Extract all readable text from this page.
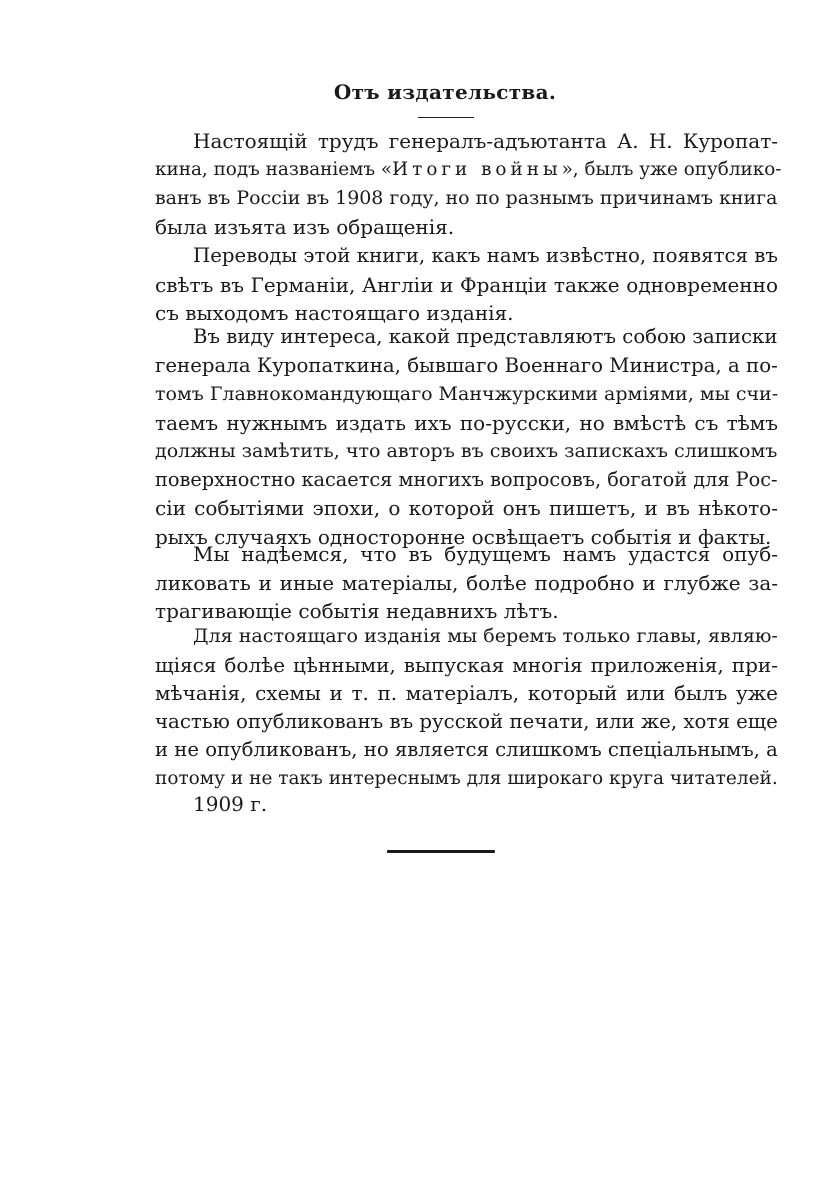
Отъ издательства.
Настоящій трудъ генералъ-адъютанта А. Н. Куропат-
кина, подъ названіемъ «Итоги войны», былъ уже опублико-
ванъ въ Россіи въ 1908 году, но по разнымъ причинамъ книга
была изъята изъ обращенія.
Переводы этой книги, какъ намъ извѣстно, появятся въ
свѣтъ въ Германіи, Англіи и Франціи также одновременно
съ выходомъ настоящаго изданія.
Въ виду интереса, какой представляютъ собою записки
генерала Куропаткина, бывшаго Военнаго Министра, а по-
томъ Главнокомандующаго Манчжурскими арміями, мы счи-
таемъ нужнымъ издать ихъ по-русски, но вмѣстѣ съ тѣмъ
должны замѣтить, что авторъ въ своихъ запискахъ слишкомъ
поверхностно касается многихъ вопросовъ, богатой для Рос-
сіи событіями эпохи, о которой онъ пишетъ, и въ нѣкото-
рыхъ случаяхъ односторонне освѣщаетъ событія и факты.
Мы надѣемся, что въ будущемъ намъ удастся опуб-
ликовать и иные матеріалы, болѣе подробно и глубже за-
трагивающіе событія недавнихъ лѣтъ.
Для настоящаго изданія мы беремъ только главы, являю-
щіяся болѣе цѣнными, выпуская многія приложенія, при-
мѣчанія, схемы и т. п. матеріалъ, который или былъ уже
частью опубликованъ въ русской печати, или же, хотя еще
и не опубликованъ, но является слишкомъ спеціальнымъ, а
потому и не такъ интереснымъ для широкаго круга читателей.
1909 г.
